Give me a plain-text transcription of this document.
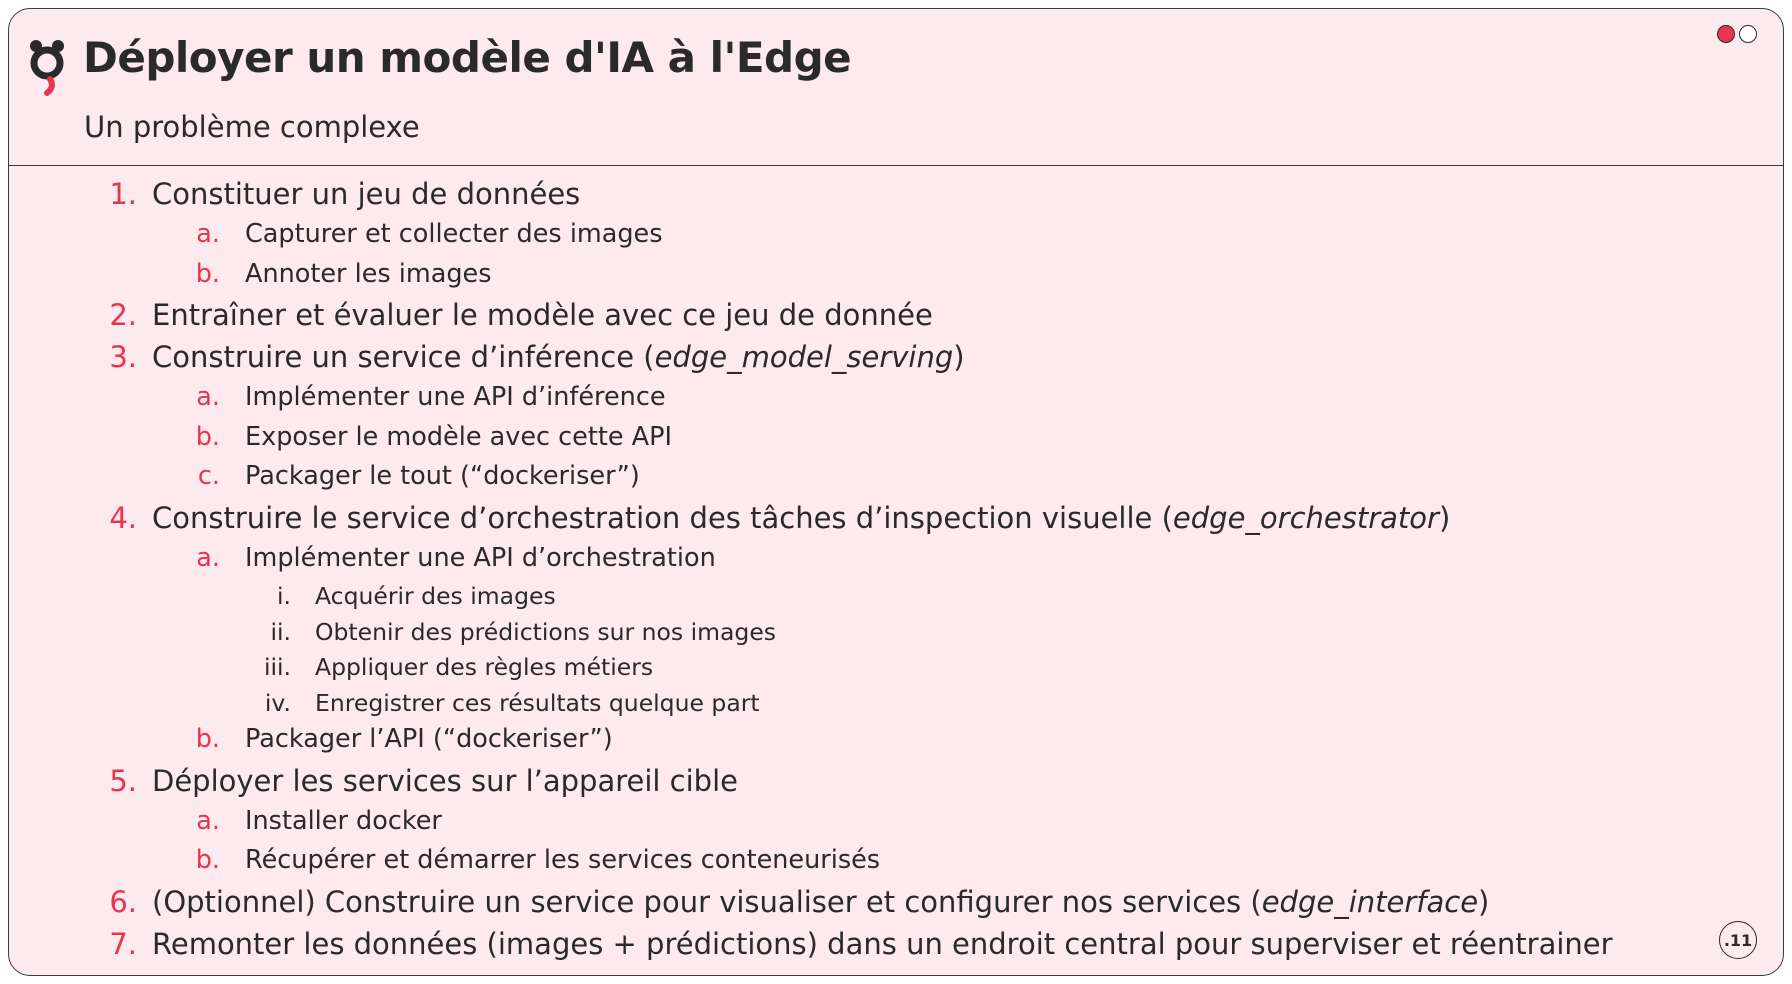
Déployer un modèle d'IA à l'Edge
Un problème complexe
1. Constituer un jeu de données
a. Capturer et collecter des images
b. Annoter les images
2. Entraîner et évaluer le modèle avec ce jeu de donnée
3. Construire un service d’inférence (edge_model_serving)
a. Implémenter une API d’inférence
b. Exposer le modèle avec cette API
c. Packager le tout (“dockeriser”)
4. Construire le service d’orchestration des tâches d’inspection visuelle (edge_orchestrator)
a. Implémenter une API d’orchestration
i. Acquérir des images
ii. Obtenir des prédictions sur nos images
iii. Appliquer des règles métiers
iv. Enregistrer ces résultats quelque part
b. Packager l’API (“dockeriser”)
5. Déployer les services sur l’appareil cible
a. Installer docker
b. Récupérer et démarrer les services conteneurisés
6. (Optionnel) Construire un service pour visualiser et configurer nos services (edge_interface)
7. Remonter les données (images + prédictions) dans un endroit central pour superviser et réentrainer	.11
